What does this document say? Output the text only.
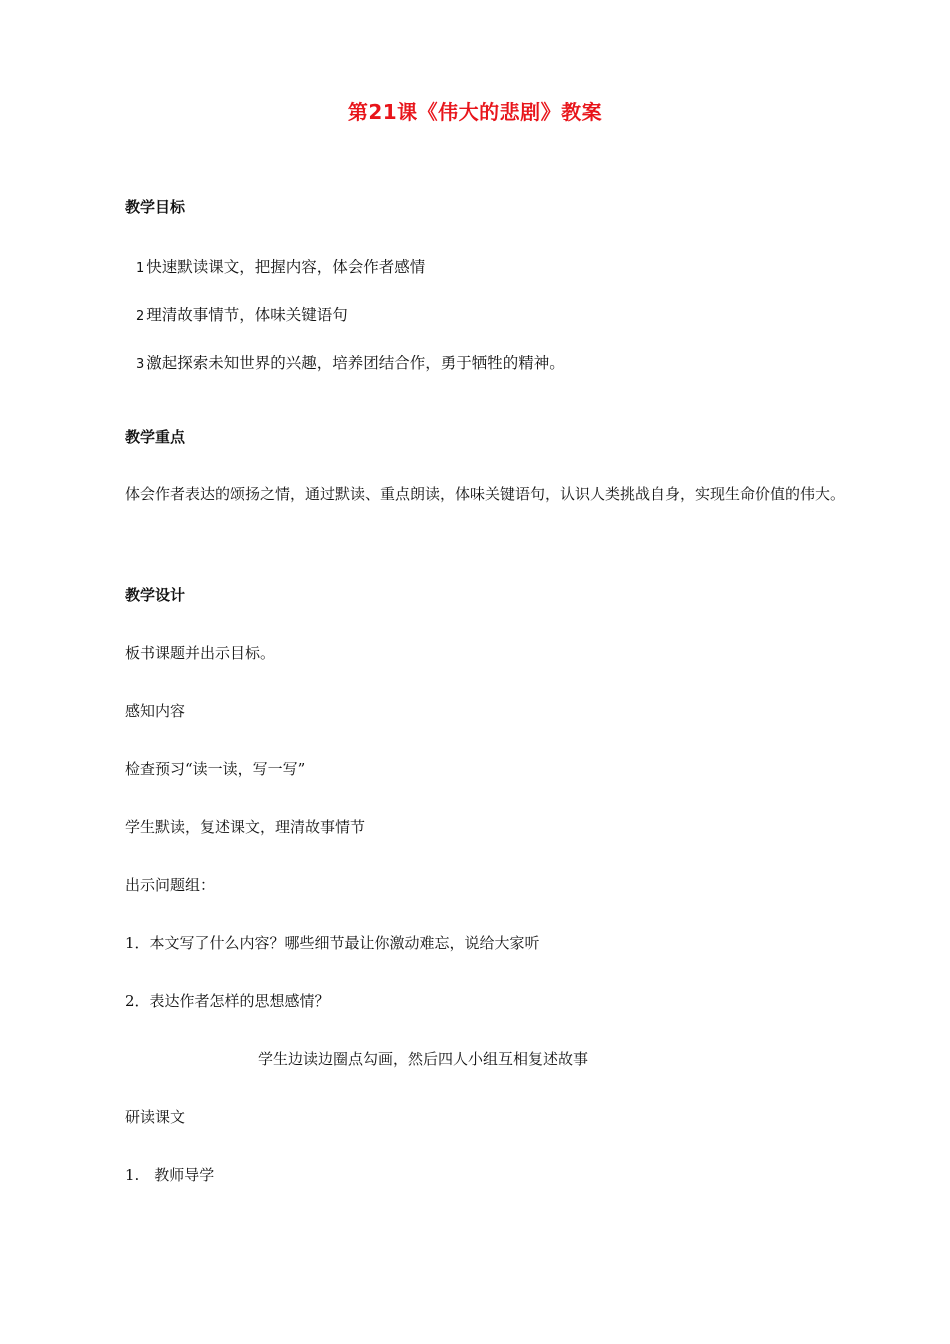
第21课《伟大的悲剧》教案
教学目标
1 快速默读课文，把握内容，体会作者感情
2 理清故事情节，体味关键语句
3 激起探索未知世界的兴趣，培养团结合作，勇于牺牲的精神。
教学重点
体会作者表达的颂扬之情，通过默读、重点朗读，体味关键语句，认识人类挑战自身，实现生命价值的伟大。
教学设计
板书课题并出示目标。
感知内容
检查预习“读一读，写一写”
学生默读，复述课文，理清故事情节
出示问题组：
1．本文写了什么内容？哪些细节最让你激动难忘，说给大家听
2．表达作者怎样的思想感情？
学生边读边圈点勾画，然后四人小组互相复述故事
研读课文
1.　教师导学
